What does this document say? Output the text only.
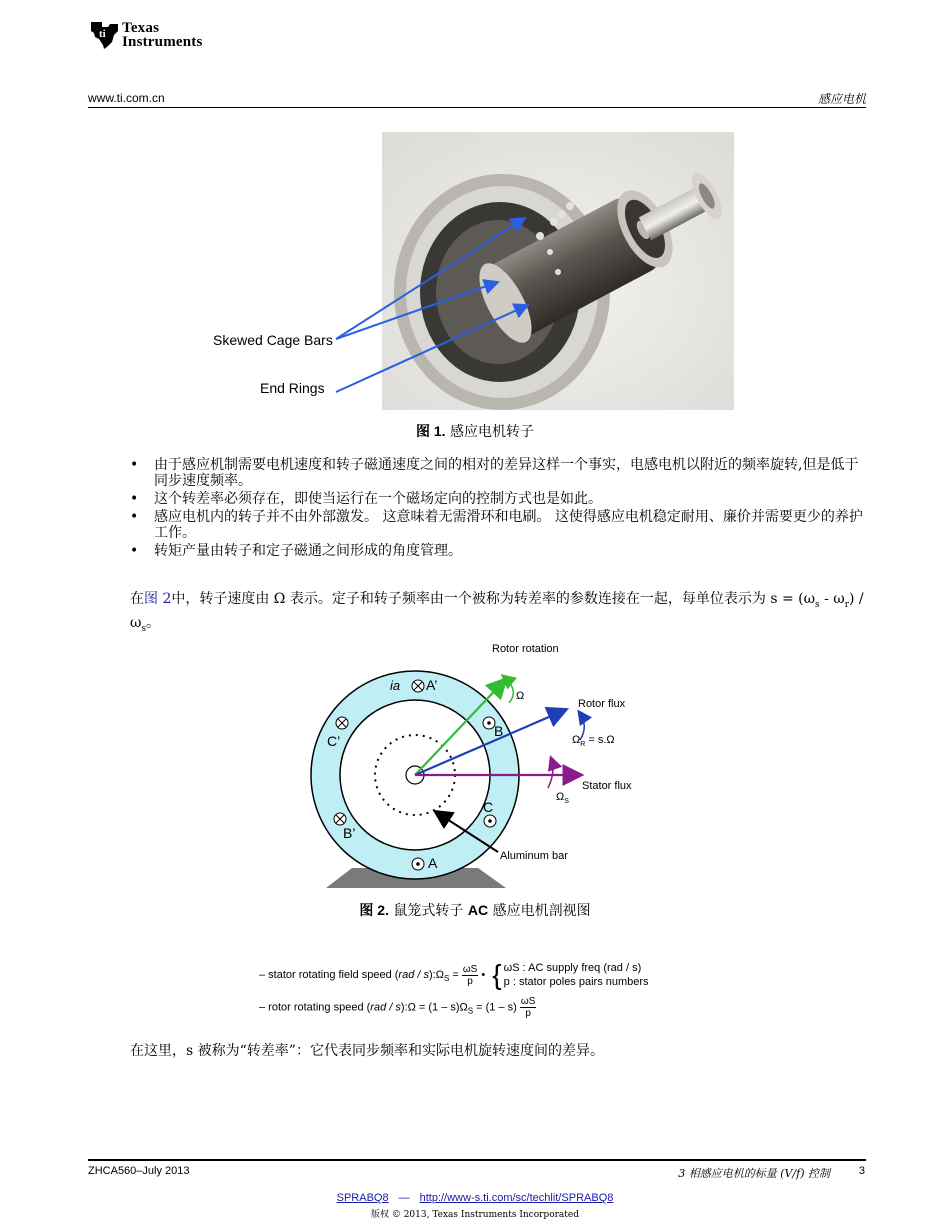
ti Texas
Instruments
www.ti.com.cn	感应电机
Skewed Cage Bars
End Rings
图 1. 感应电机转子
• 由于感应机制需要电机速度和转子磁通速度之间的相对的差异这样一个事实，电感电机以附近的频率旋转,但是低于同步速度频率。
• 这个转差率必须存在，即使当运行在一个磁场定向的控制方式也是如此。
• 感应电机内的转子并不由外部激发。 这意味着无需滑环和电刷。 这使得感应电机稳定耐用、廉价并需要更少的养护工作。
• 转矩产量由转子和定子磁通之间形成的角度管理。
在图 2中，转子速度由 Ω 表示。定子和转子频率由一个被称为转差率的参数连接在一起，每单位表示为 $s = (\omega_s - \omega_r) / \omega_s$。
Rotor rotation
Rotor flux
Stator flux
Aluminum bar
Ω
$\Omega_R = s.\Omega$
$\Omega_S$
ia A’
B
C’
C
B’
A
图 2. 鼠笼式转子 AC 感应电机剖视图
– stator rotating field speed $(rad / s):\Omega_S = \frac{\omega S}{p}$ • { ωS : AC supply freq (rad / s)
p : stator poles pairs numbers
– rotor rotating speed (rad / s):Ω = $(1 - s)\Omega_S = (1 - s) \frac{\omega S}{p}$
在这里，s 被称为“转差率”：它代表同步频率和实际电机旋转速度间的差异。
ZHCA560–July 2013	3 相感应电机的标量 (V/f) 控制	3
SPRABQ8 — http://www-s.ti.com/sc/techlit/SPRABQ8
版权 © 2013, Texas Instruments Incorporated
